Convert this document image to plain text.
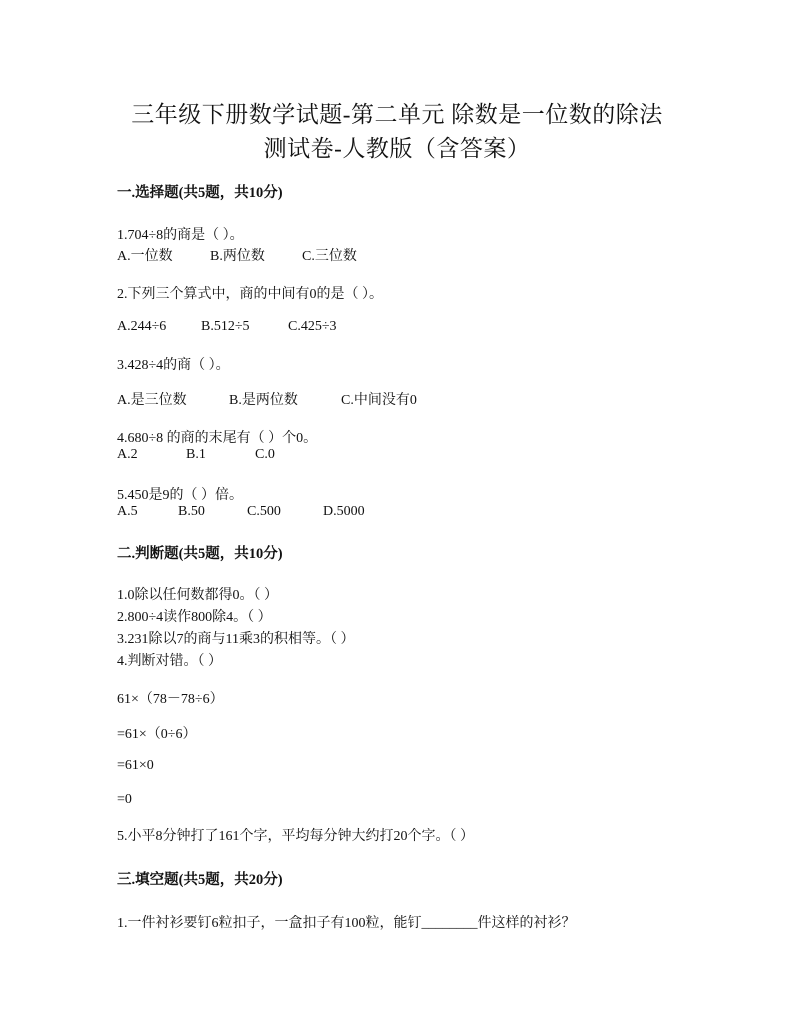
三年级下册数学试题-第二单元 除数是一位数的除法
测试卷-人教版（含答案）
一.选择题(共5题，共10分)
1.704÷8的商是（ ）。
A.一位数	B.两位数	C.三位数
2.下列三个算式中，商的中间有0的是（ ）。
A.244÷6 B.512÷5	C.425÷3
3.428÷4的商（ ）。
A.是三位数	B.是两位数	C.中间没有0
4.680÷8 的商的末尾有（ ）个0。
A.2	B.1	C.0
5.450是9的（ ）倍。
A.5	B.50	C.500	D.5000
二.判断题(共5题，共10分)
1.0除以任何数都得0。（ ）
2.800÷4读作800除4。（ ）
3.231除以7的商与11乘3的积相等。（ ）
4.判断对错。（ ）
61×（78－78÷6）
=61×（0÷6）
=61×0
=0
5.小平8分钟打了161个字，平均每分钟大约打20个字。（ ）
三.填空题(共5题，共20分)
1.一件衬衫要钉6粒扣子，一盒扣子有100粒，能钉________件这样的衬衫？
